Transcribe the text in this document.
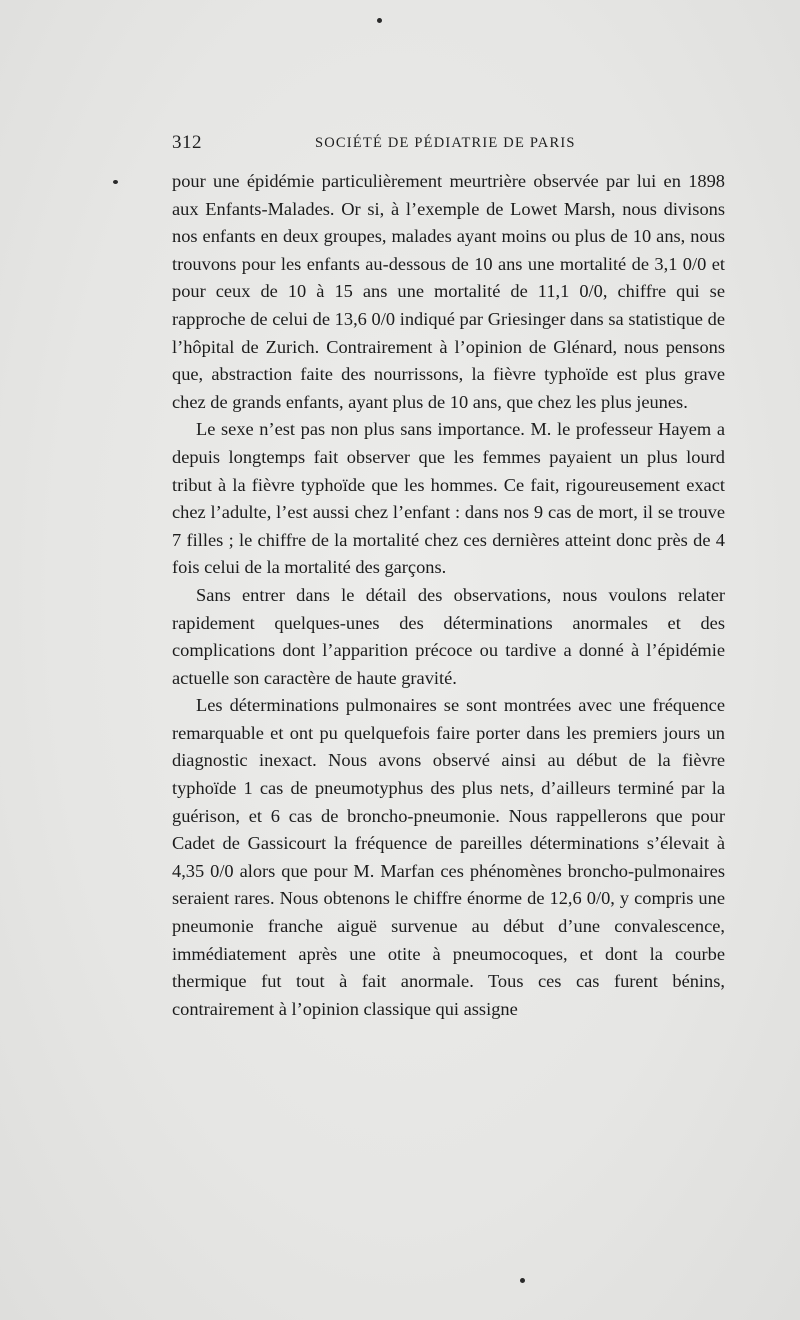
312	SOCIÉTÉ DE PÉDIATRIE DE PARIS

pour une épidémie particulièrement meurtrière observée par lui en 1898 aux Enfants-Malades. Or si, à l’exemple de Lowet Marsh, nous divisons nos enfants en deux groupes, malades ayant moins ou plus de 10 ans, nous trouvons pour les enfants au-dessous de 10 ans une mortalité de 3,1 0/0 et pour ceux de 10 à 15 ans une mortalité de 11,1 0/0, chiffre qui se rapproche de celui de 13,6 0/0 indiqué par Griesinger dans sa statistique de l’hôpital de Zurich. Contrairement à l’opinion de Glénard, nous pensons que, abstraction faite des nourrissons, la fièvre typhoïde est plus grave chez de grands enfants, ayant plus de 10 ans, que chez les plus jeunes.

Le sexe n’est pas non plus sans importance. M. le professeur Hayem a depuis longtemps fait observer que les femmes payaient un plus lourd tribut à la fièvre typhoïde que les hommes. Ce fait, rigoureusement exact chez l’adulte, l’est aussi chez l’enfant : dans nos 9 cas de mort, il se trouve 7 filles ; le chiffre de la mortalité chez ces dernières atteint donc près de 4 fois celui de la mortalité des garçons.

Sans entrer dans le détail des observations, nous voulons relater rapidement quelques-unes des déterminations anormales et des complications dont l’apparition précoce ou tardive a donné à l’épidémie actuelle son caractère de haute gravité.

Les déterminations pulmonaires se sont montrées avec une fréquence remarquable et ont pu quelquefois faire porter dans les premiers jours un diagnostic inexact. Nous avons observé ainsi au début de la fièvre typhoïde 1 cas de pneumotyphus des plus nets, d’ailleurs terminé par la guérison, et 6 cas de broncho-pneumonie. Nous rappellerons que pour Cadet de Gassicourt la fréquence de pareilles déterminations s’élevait à 4,35 0/0 alors que pour M. Marfan ces phénomènes broncho-pulmonaires seraient rares. Nous obtenons le chiffre énorme de 12,6 0/0, y compris une pneumonie franche aiguë survenue au début d’une convalescence, immédiatement après une otite à pneumocoques, et dont la courbe thermique fut tout à fait anormale. Tous ces cas furent bénins, contrairement à l’opinion classique qui assigne
